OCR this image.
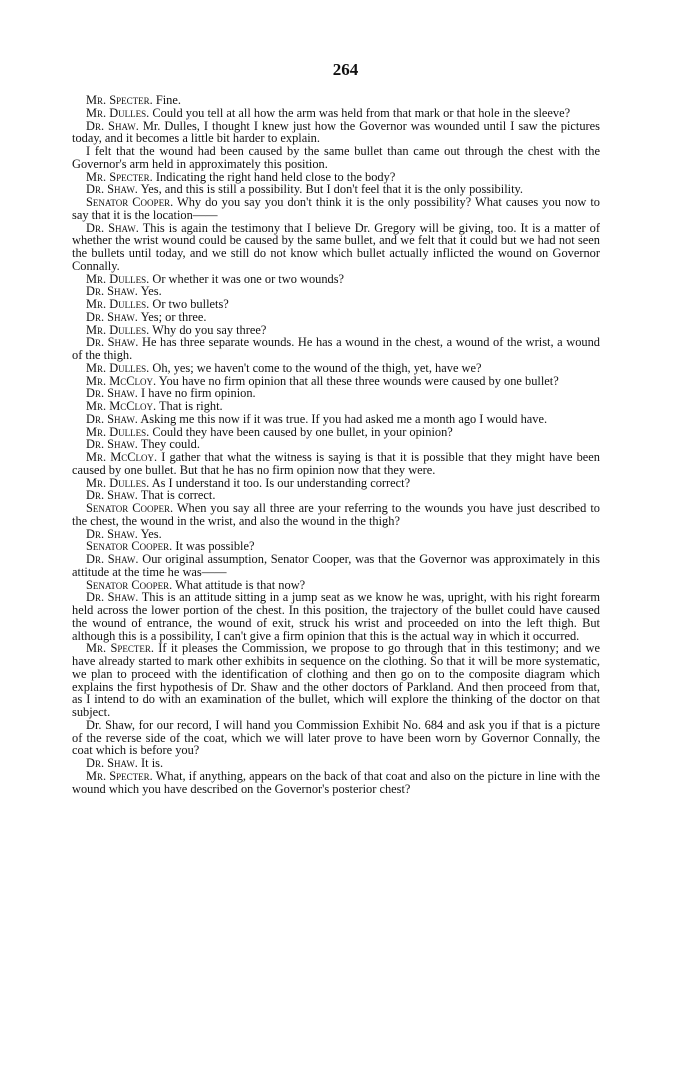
264

Mr. Specter. Fine.

Mr. Dulles. Could you tell at all how the arm was held from that mark or that hole in the sleeve?

Dr. Shaw. Mr. Dulles, I thought I knew just how the Governor was wounded until I saw the pictures today, and it becomes a little bit harder to explain.

I felt that the wound had been caused by the same bullet than came out through the chest with the Governor's arm held in approximately this position.

Mr. Specter. Indicating the right hand held close to the body?

Dr. Shaw. Yes, and this is still a possibility. But I don't feel that it is the only possibility.

Senator Cooper. Why do you say you don't think it is the only possibility? What causes you now to say that it is the location——

Dr. Shaw. This is again the testimony that I believe Dr. Gregory will be giving, too. It is a matter of whether the wrist wound could be caused by the same bullet, and we felt that it could but we had not seen the bullets until today, and we still do not know which bullet actually inflicted the wound on Governor Connally.

Mr. Dulles. Or whether it was one or two wounds?

Dr. Shaw. Yes.

Mr. Dulles. Or two bullets?

Dr. Shaw. Yes; or three.

Mr. Dulles. Why do you say three?

Dr. Shaw. He has three separate wounds. He has a wound in the chest, a wound of the wrist, a wound of the thigh.

Mr. Dulles. Oh, yes; we haven't come to the wound of the thigh, yet, have we?

Mr. McCloy. You have no firm opinion that all these three wounds were caused by one bullet?

Dr. Shaw. I have no firm opinion.

Mr. McCloy. That is right.

Dr. Shaw. Asking me this now if it was true. If you had asked me a month ago I would have.

Mr. Dulles. Could they have been caused by one bullet, in your opinion?

Dr. Shaw. They could.

Mr. McCloy. I gather that what the witness is saying is that it is possible that they might have been caused by one bullet. But that he has no firm opinion now that they were.

Mr. Dulles. As I understand it too. Is our understanding correct?

Dr. Shaw. That is correct.

Senator Cooper. When you say all three are your referring to the wounds you have just described to the chest, the wound in the wrist, and also the wound in the thigh?

Dr. Shaw. Yes.

Senator Cooper. It was possible?

Dr. Shaw. Our original assumption, Senator Cooper, was that the Governor was approximately in this attitude at the time he was——

Senator Cooper. What attitude is that now?

Dr. Shaw. This is an attitude sitting in a jump seat as we know he was, upright, with his right forearm held across the lower portion of the chest. In this position, the trajectory of the bullet could have caused the wound of entrance, the wound of exit, struck his wrist and proceeded on into the left thigh. But although this is a possibility, I can't give a firm opinion that this is the actual way in which it occurred.

Mr. Specter. If it pleases the Commission, we propose to go through that in this testimony; and we have already started to mark other exhibits in sequence on the clothing. So that it will be more systematic, we plan to proceed with the identification of clothing and then go on to the composite diagram which explains the first hypothesis of Dr. Shaw and the other doctors of Parkland. And then proceed from that, as I intend to do with an examination of the bullet, which will explore the thinking of the doctor on that subject.

Dr. Shaw, for our record, I will hand you Commission Exhibit No. 684 and ask you if that is a picture of the reverse side of the coat, which we will later prove to have been worn by Governor Connally, the coat which is before you?

Dr. Shaw. It is.

Mr. Specter. What, if anything, appears on the back of that coat and also on the picture in line with the wound which you have described on the Governor's posterior chest?
